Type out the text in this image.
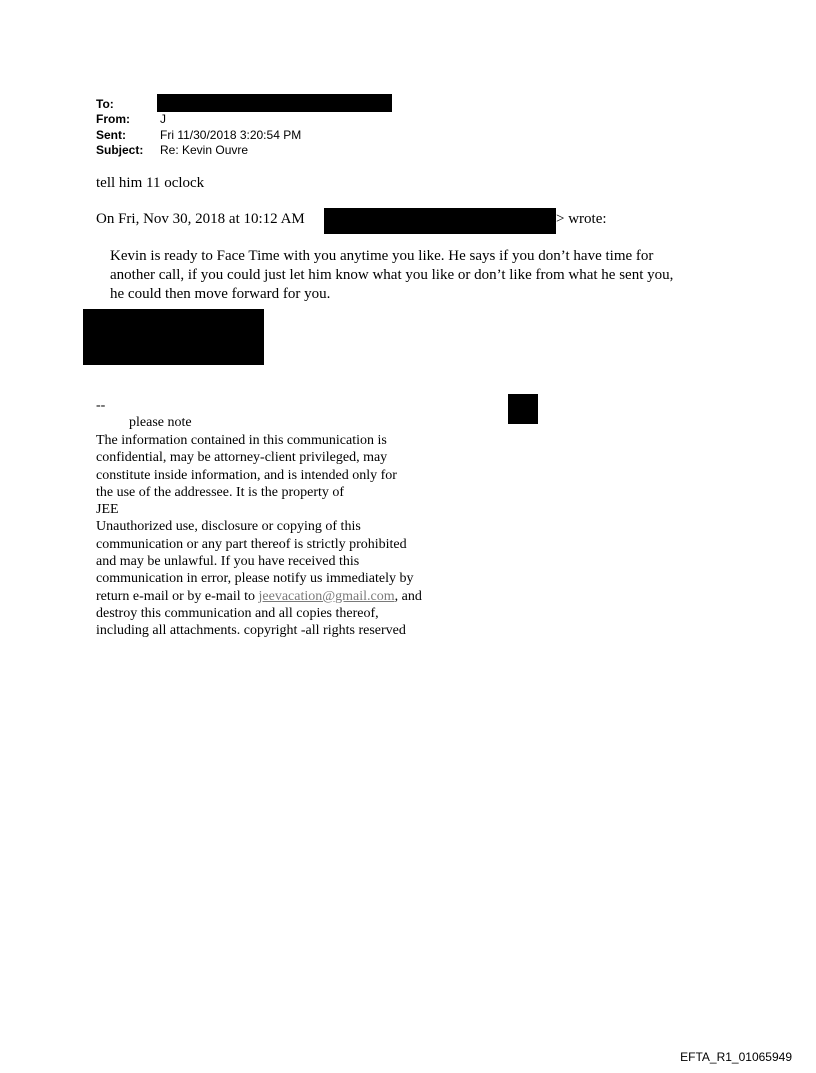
To:
From:	J
Sent:	Fri 11/30/2018 3:20:54 PM
Subject: Re: Kevin Ouvre
tell him 11 oclock
On Fri, Nov 30, 2018 at 10:12 AM	> wrote:
Kevin is ready to Face Time with you anytime you like. He says if you don’t have time for
another call, if you could just let him know what you like or don’t like from what he sent you,
he could then move forward for you.
--
please note
The information contained in this communication is
confidential, may be attorney-client privileged, may
constitute inside information, and is intended only for
the use of the addressee. It is the property of
JEE
Unauthorized use, disclosure or copying of this
communication or any part thereof is strictly prohibited
and may be unlawful. If you have received this
communication in error, please notify us immediately by
return e-mail or by e-mail to jeevacation@gmail.com, and
destroy this communication and all copies thereof,
including all attachments. copyright -all rights reserved
EFTA_R1_01065949
